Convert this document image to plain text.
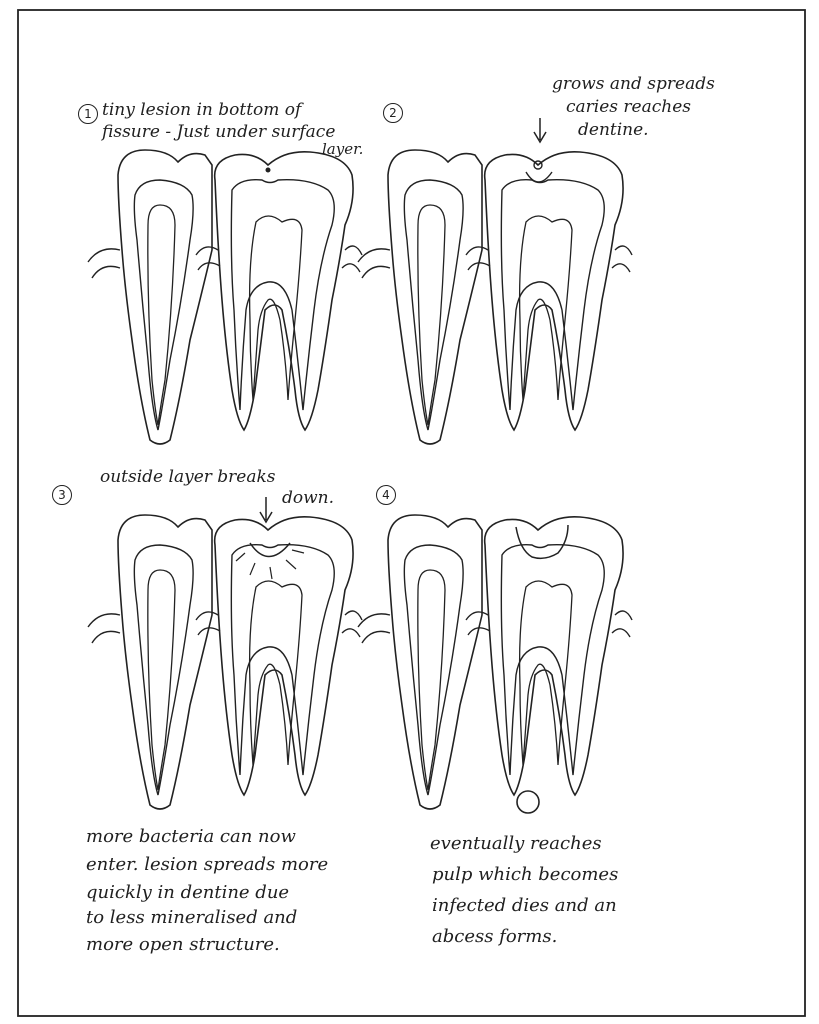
1	2
3	4
tiny lesion in bottom of
fissure - Just under surface
layer.
grows and spreads
caries reaches
dentine.
outside layer breaks
down.
more bacteria can now
enter. lesion spreads more
quickly in dentine due
to less mineralised and
more open structure.
eventually reaches
pulp which becomes
infected dies and an
abcess forms.
